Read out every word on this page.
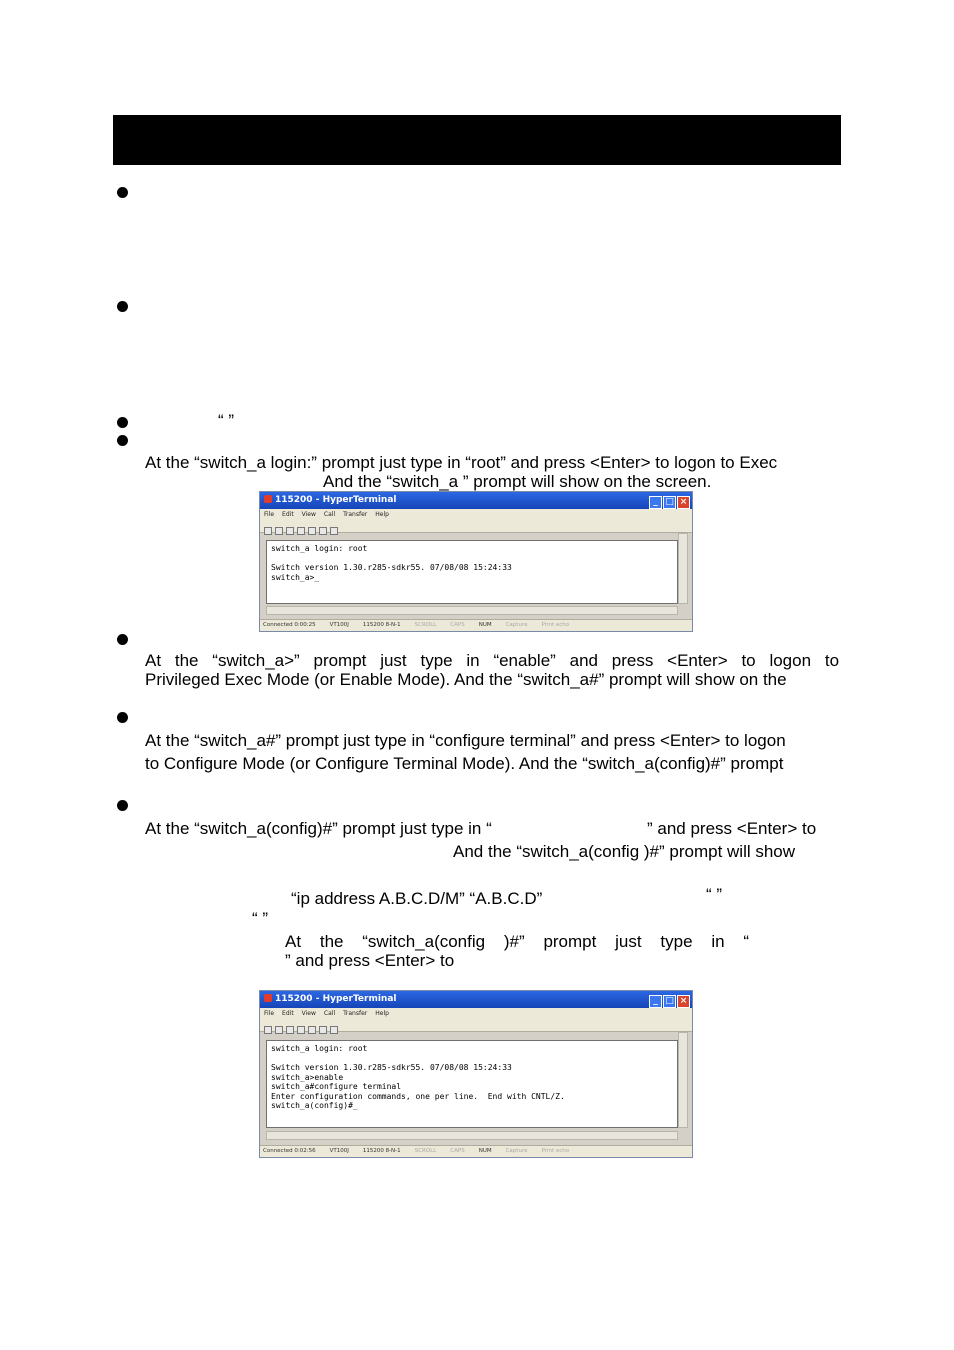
“ ”
At the “switch_a login:” prompt just type in “root” and press <Enter> to logon to Exec
And the “switch_a ” prompt will show on the screen.
115200 - HyperTerminal	_ □ ×
File Edit View Call Transfer Help
switch_a login: root

Switch version 1.30.r285-sdkr55. 07/08/08 15:24:33
switch_a>_
Connected 0:00:25	VT100J	115200 8-N-1	SCROLL	CAPS	NUM	Capture	Print echo
At the “switch_a>” prompt just type in “enable” and press <Enter> to logon to
Privileged Exec Mode (or Enable Mode). And the “switch_a#” prompt will show on the
At the “switch_a#” prompt just type in “configure terminal” and press <Enter> to logon
to Configure Mode (or Configure Terminal Mode). And the “switch_a(config)#” prompt
At the “switch_a(config)#” prompt just type in “	” and press <Enter> to
And the “switch_a(config )#” prompt will show
“ip address A.B.C.D/M” “A.B.C.D”	“ ”
“ ”
At the “switch_a(config )#” prompt just type in “
” and press <Enter> to
115200 - HyperTerminal	_ □ ×
File Edit View Call Transfer Help
switch_a login: root

Switch version 1.30.r285-sdkr55. 07/08/08 15:24:33
switch_a>enable
switch_a#configure terminal
Enter configuration commands, one per line.  End with CNTL/Z.
switch_a(config)#_
Connected 0:02:56	VT100J	115200 8-N-1	SCROLL	CAPS	NUM	Capture	Print echo
